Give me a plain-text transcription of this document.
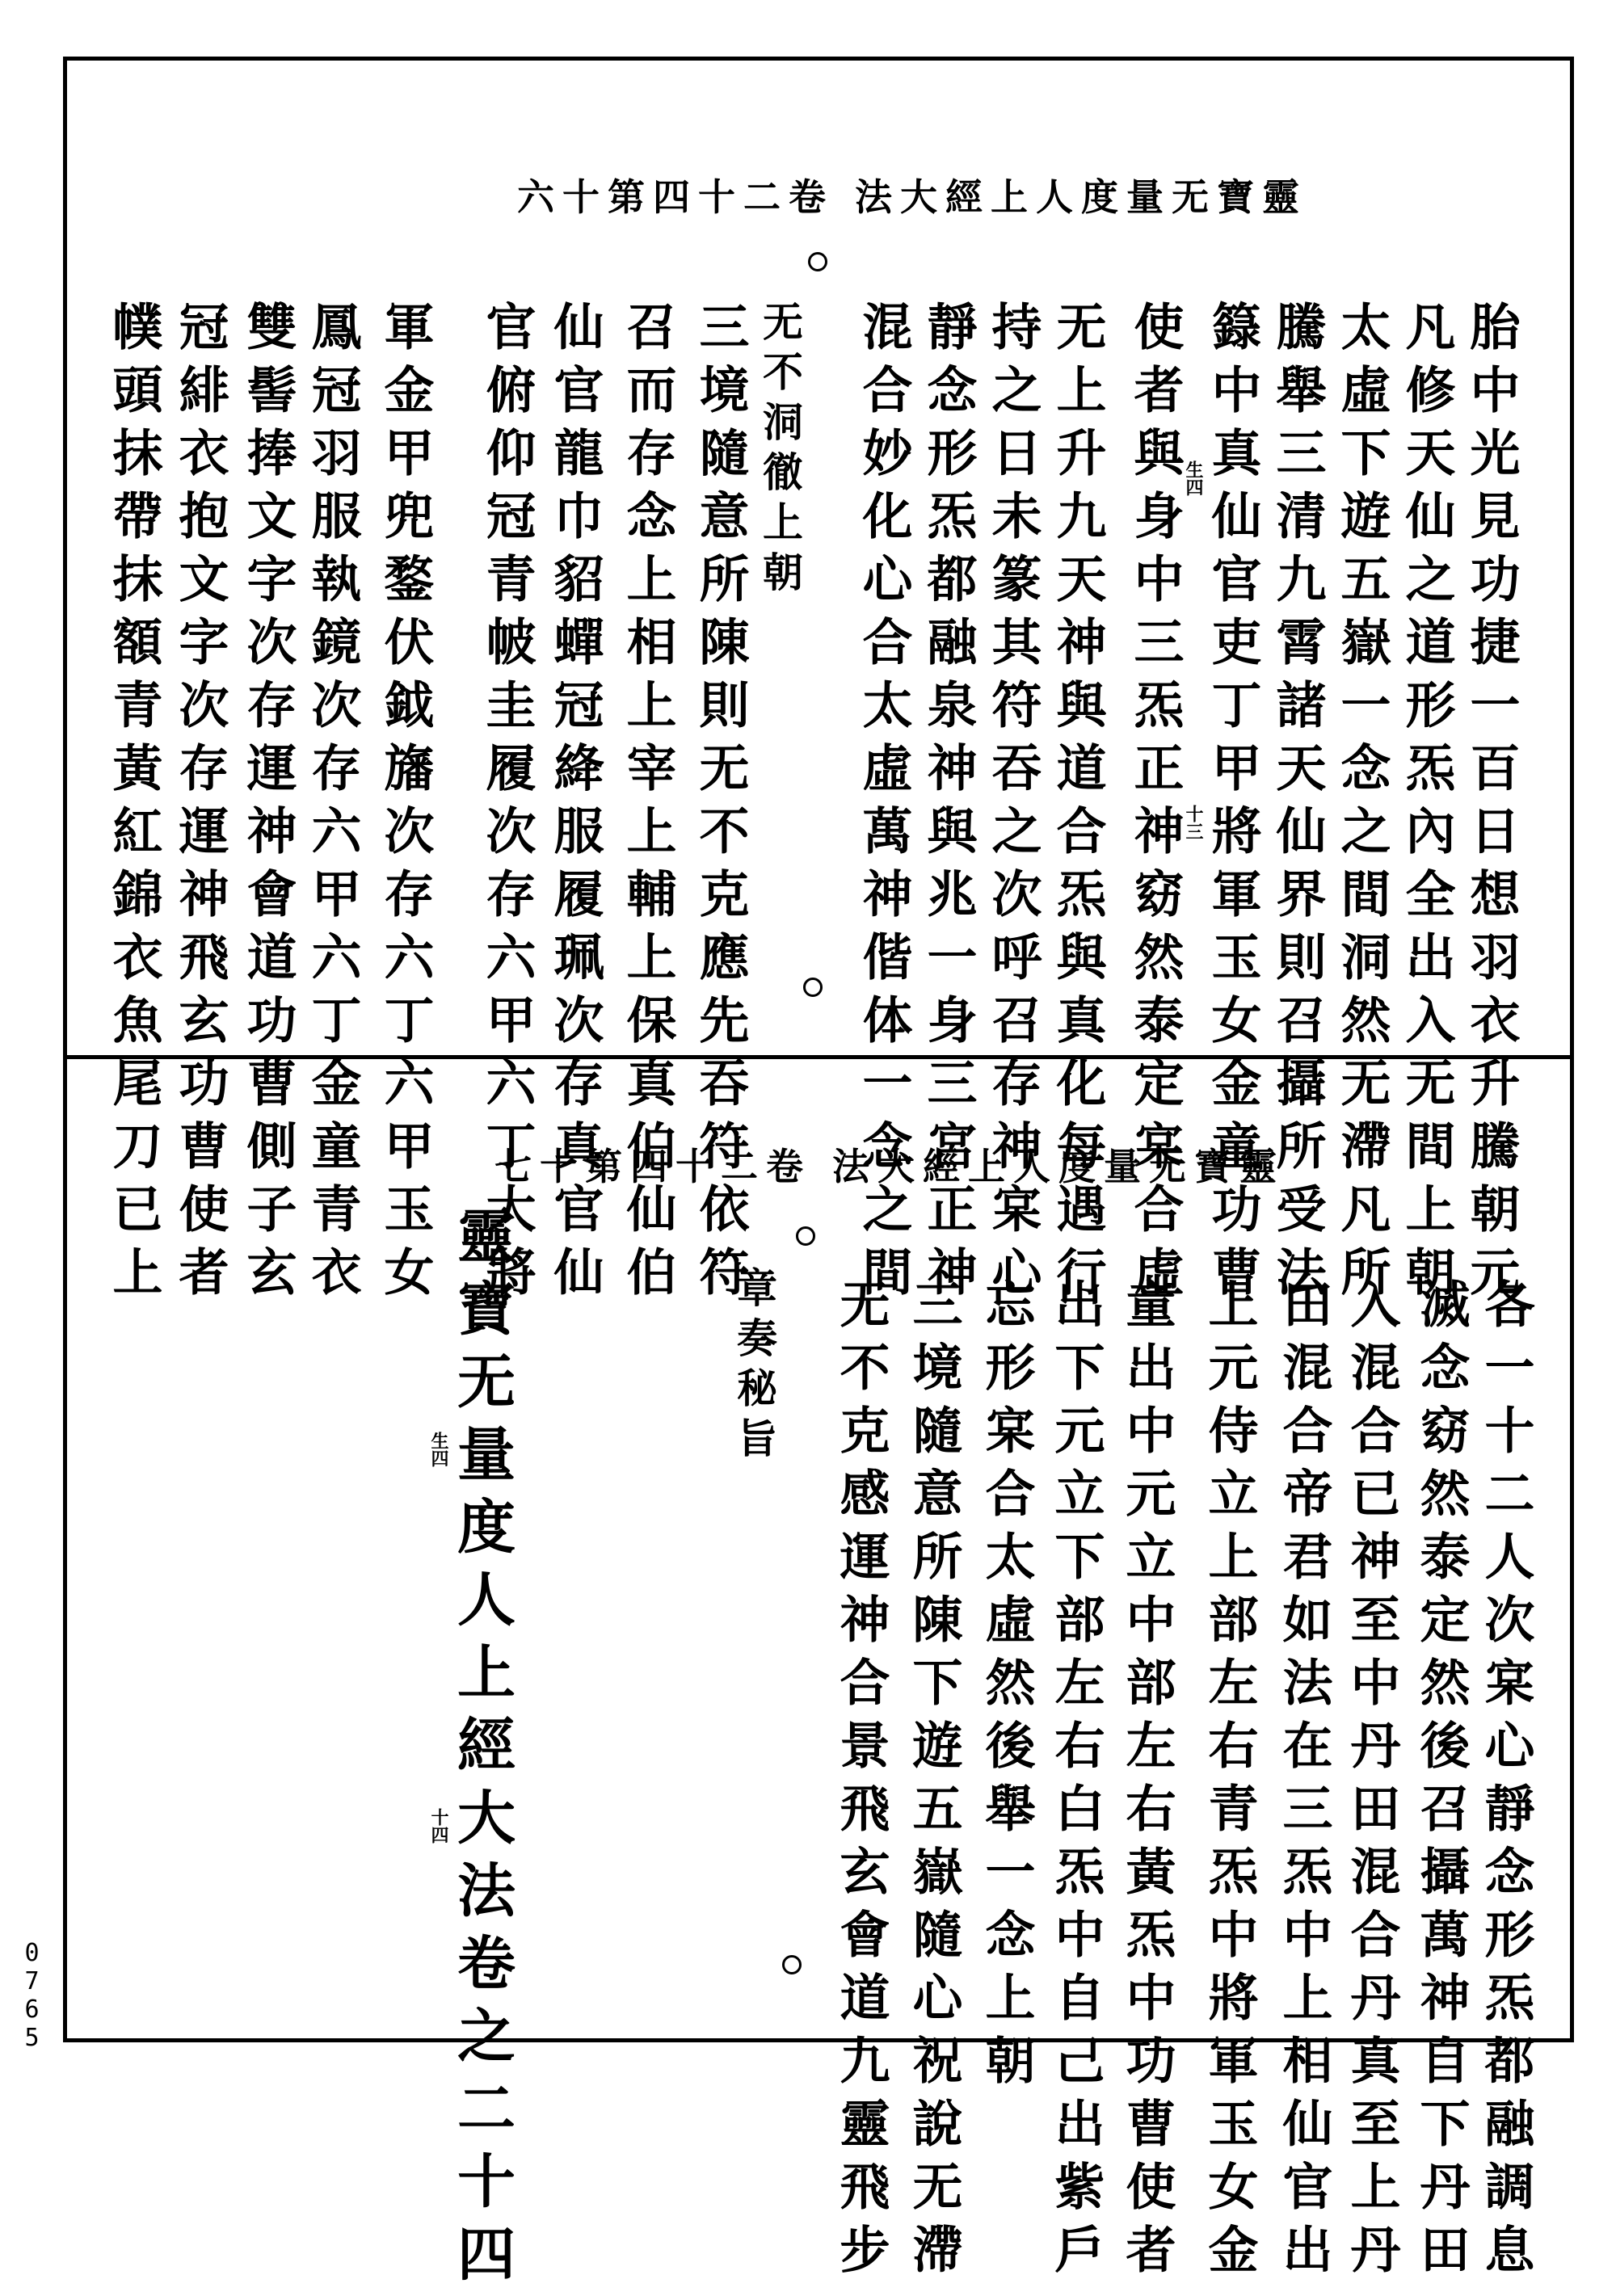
靈寶无量度人上經大法 卷二十四第十六
胎中光見功捷一百日想羽衣升騰朝元
凡修天仙之道形炁內全出入无間上朝
太虛下遊五嶽一念之間洞然无滯凡所
騰舉三清九霄諸天仙界則召攝所受法
籙中真仙官吏丁甲將軍玉女金童功曹
使者與身中三炁正神窈然泰定宲合虛
无上升九天神與道合炁與真化每遇行
持之日未篆其符吞之次呼召存神宲心
靜念形炁都融泉神與兆一身三宮正神
混合妙化心合太虛萬神偕体一念之間
无不洞徹上朝
三境隨意所陳則无不克應先吞符依符
召而存念上相上宰上輔上保真伯仙伯
仙官龍巾貂蟬冠絳服履珮次存真官仙
官俯仰冠青帔圭履次存六甲六丁大將
軍金甲兜鍪伏鉞旛次存六丁六甲玉女
鳳冠羽服執鏡次存六甲六丁金童青衣
雙髻捧文字次存運神會道功曹側子玄
冠緋衣抱文字次存運神飛玄功曹使者
幞頭抹帶抹額青黃紅錦衣魚尾刀已上	生四
十三
靈寶无量度人上經大法 卷二十四第十七
各一十二人次宲心靜念形炁都融調息
滅念窈然泰定然後召攝萬神自下丹田
入混合已神至中丹田混合丹真至上丹
田混合帝君如法在三炁中上相仙官出
上元侍立上部左右青炁中將軍玉女金
童出中元立中部左右黃炁中功曹使者
出下元立下部左右白炁中自己出紫戶
忘形宲合太虛然後舉一念上朝
三境隨意所陳下遊五嶽隨心祝說无滯
无不克感運神合景飛玄會道九靈飛步
章奏秘旨
靈寶无量度人上經大法卷之二十四
生四
十四
0765
